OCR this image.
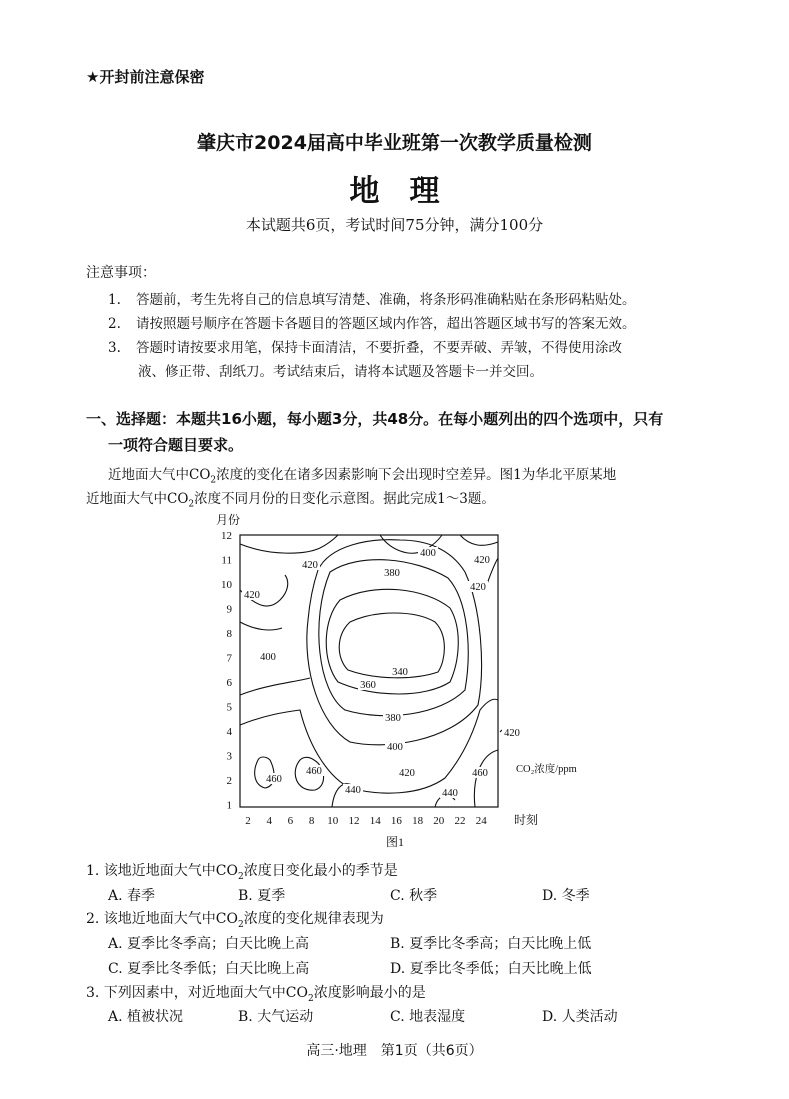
★开封前注意保密
肇庆市2024届高中毕业班第一次教学质量检测
地理
本试题共6页，考试时间75分钟，满分100分
注意事项：
1. 答题前，考生先将自己的信息填写清楚、准确，将条形码准确粘贴在条形码粘贴处。
2. 请按照题号顺序在答题卡各题目的答题区域内作答，超出答题区域书写的答案无效。
3. 答题时请按要求用笔，保持卡面清洁，不要折叠，不要弄破、弄皱，不得使用涂改
液、修正带、刮纸刀。考试结束后，请将本试题及答题卡一并交回。
一、选择题：本题共16小题，每小题3分，共48分。在每小题列出的四个选项中，只有
一项符合题目要求。
近地面大气中$CO_2$浓度的变化在诸多因素影响下会出现时空差异。图1为华北平原某地
近地面大气中$CO_2$浓度不同月份的日变化示意图。据此完成1～3题。
月份
12
11
10
9
8
7
6
5
4
3
2
1
2 4 6 8 10 12 14 16 18 20 22 24 时刻
400
420	420
420
420
400
380
360
340
380
400
420
420
460
460	460
440	440
CO₂浓度/ppm
图1
1. 该地近地面大气中$CO_2$浓度日变化最小的季节是
A. 春季	B. 夏季	C. 秋季	D. 冬季
2. 该地近地面大气中$CO_2$浓度的变化规律表现为
A. 夏季比冬季高；白天比晚上高	B. 夏季比冬季高；白天比晚上低
C. 夏季比冬季低；白天比晚上高	D. 夏季比冬季低；白天比晚上低
3. 下列因素中，对近地面大气中$CO_2$浓度影响最小的是
A. 植被状况	B. 大气运动	C. 地表湿度	D. 人类活动
高三·地理　第1页（共6页）
